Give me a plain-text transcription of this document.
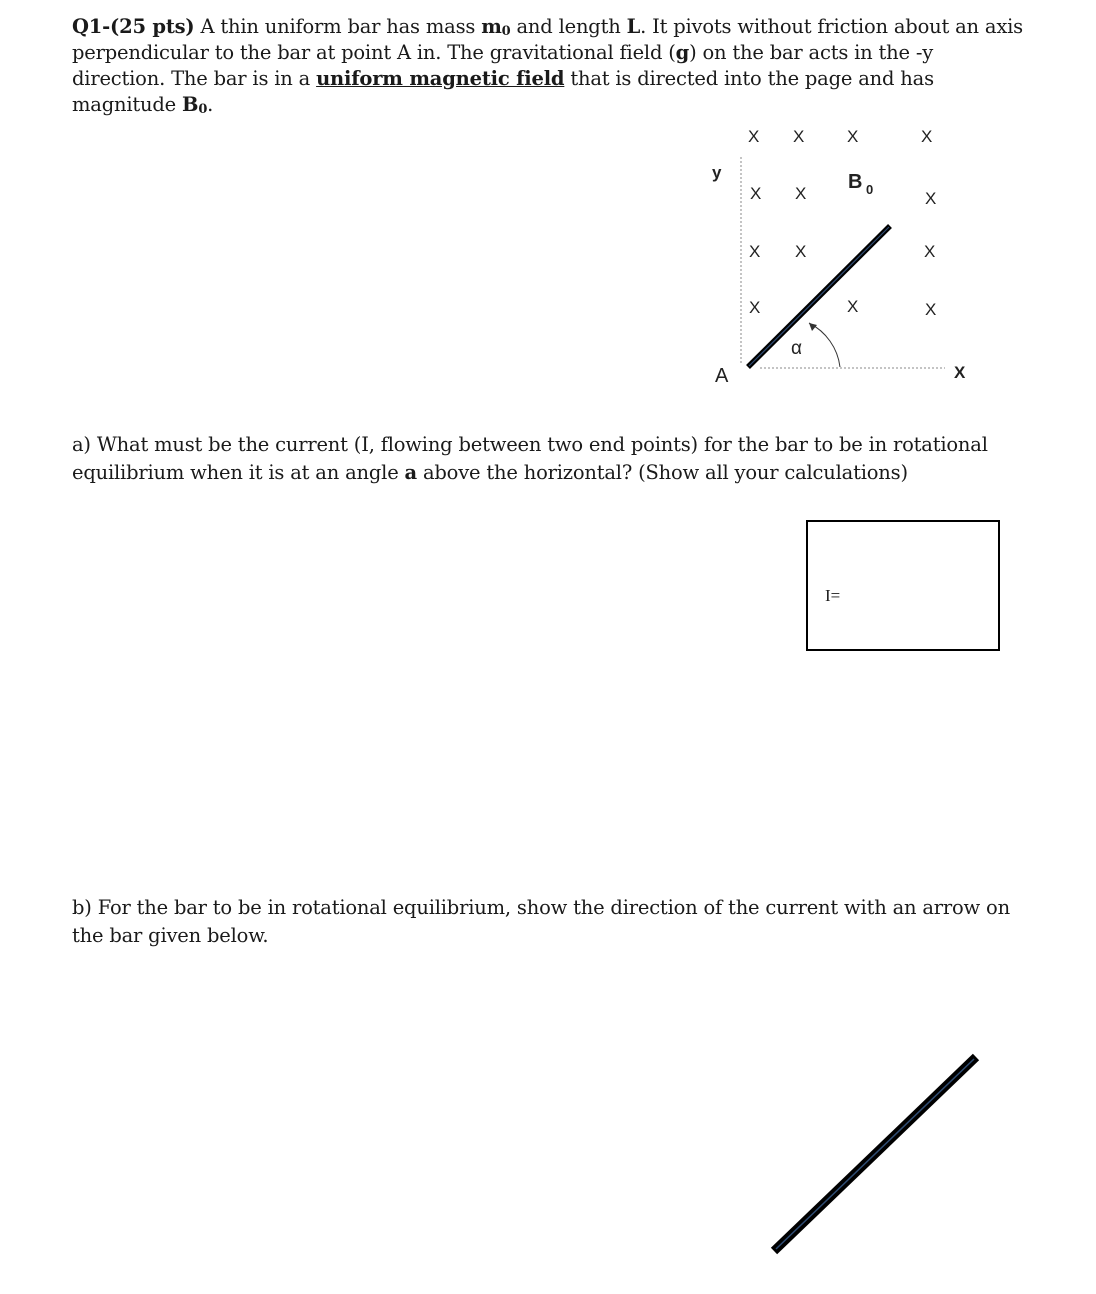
Q1-(25 pts) A thin uniform bar has mass $m_0$ and length L. It pivots without friction about an axis perpendicular to the bar at point A in. The gravitational field (g) on the bar acts in the -y direction. The bar is in a uniform magnetic field that is directed into the page and has magnitude $B_0$.

X X	X	X
X X	X
X X	X
X	X	X
y
X
A
B 0
α

a) What must be the current (I, flowing between two end points) for the bar to be in rotational equilibrium when it is at an angle a above the horizontal? (Show all your calculations)

I=

b) For the bar to be in rotational equilibrium, show the direction of the current with an arrow on the bar given below.
